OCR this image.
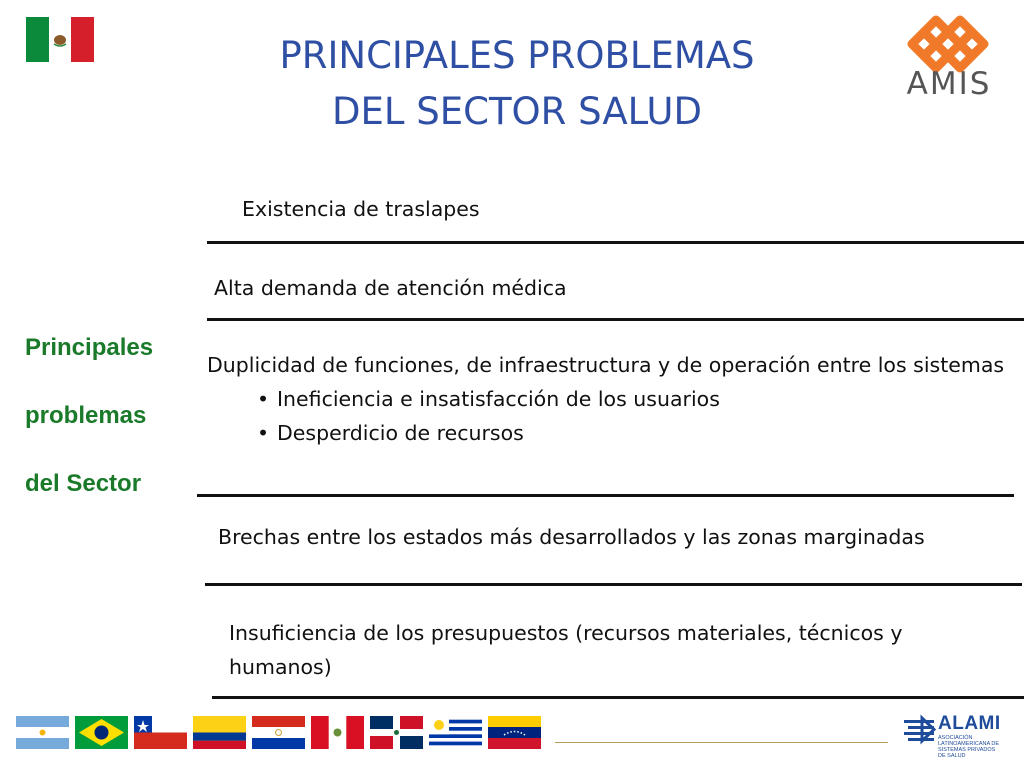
PRINCIPALES PROBLEMAS
DEL SECTOR SALUD
AMIS
Principales
problemas
del Sector
Existencia de traslapes
Alta demanda de atención médica
Duplicidad de funciones, de infraestructura y de operación entre los sistemas
• Ineficiencia e insatisfacción de los usuarios
• Desperdicio de recursos
Brechas entre los estados más desarrollados y las zonas marginadas
Insuficiencia de los presupuestos (recursos materiales, técnicos y humanos)
ALAMI
ASOCIACIÓN LATINOAMERICANA DE SISTEMAS PRIVADOS DE SALUD
